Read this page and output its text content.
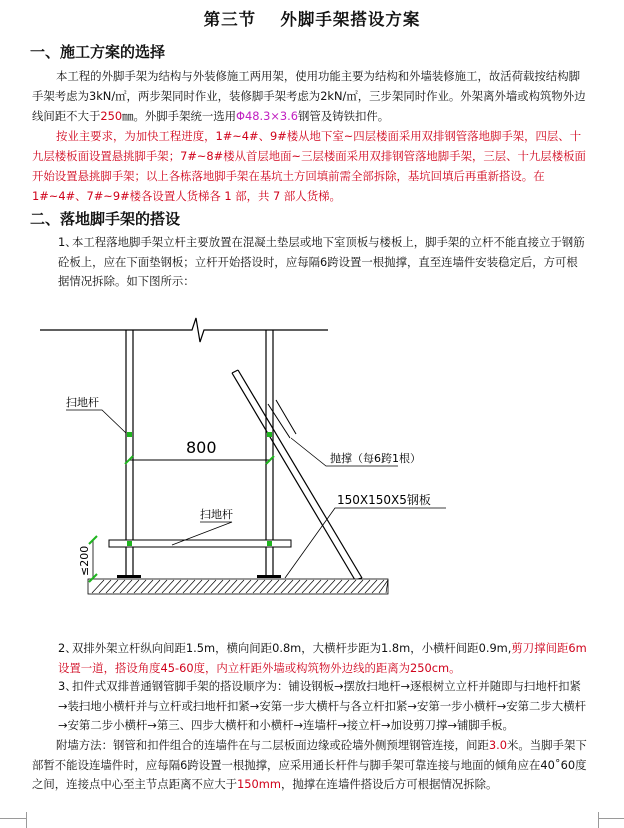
第三节　 外脚手架搭设方案
一、施工方案的选择

本工程的外脚手架为结构与外装修施工两用架，使用功能主要为结构和外墙装修施工，故活荷载按结构脚手架考虑为3kN/㎡，两步架同时作业，装修脚手架考虑为2kN/㎡，三步架同时作业。外架离外墙或构筑物外边线间距不大于250㎜。外脚手架统一选用Φ48.3×3.6钢管及铸铁扣件。

按业主要求，为加快工程进度，1#~4#、9#楼从地下室~四层楼面采用双排钢管落地脚手架，四层、十九层楼板面设置悬挑脚手架；7#~8#楼从首层地面~三层楼面采用双排钢管落地脚手架，三层、十九层楼板面开始设置悬挑脚手架；以上各栋落地脚手架在基坑土方回填前需全部拆除，基坑回填后再重新搭设。在 1#~4#、7#~9#楼各设置人货梯各 1 部，共 7 部人货梯。

二、落地脚手架的搭设
1、
本工程落地脚手架立杆主要放置在混凝土垫层或地下室顶板与楼板上，脚手架的立杆不能直接立于钢筋砼板上，应在下面垫钢板；立杆开始搭设时，应每隔6跨设置一根抛撑，直至连墙件安装稳定后，方可根据情况拆除。如下图所示：
扫地杆
800
抛撑（每6跨1根）
150X150X5钢板
扫地杆
≤200
2、
双排外架立杆纵向间距1.5m，横向间距0.8m，大横杆步距为1.8m，小横杆间距0.9m,剪刀撑间距6m设置一道，搭设角度45-60度，内立杆距外墙或构筑物外边线的距离为250cm。
3、
扣件式双排普通钢管脚手架的搭设顺序为：铺设钢板→摆放扫地杆→逐根树立立杆并随即与扫地杆扣紧→装扫地小横杆并与立杆或扫地杆扣紧→安第一步大横杆与各立杆扣紧→安第一步小横杆→安第二步大横杆→安第二步小横杆→第三、四步大横杆和小横杆→连墙杆→接立杆→加设剪刀撑→铺脚手板。

附墙方法：钢管和扣件组合的连墙件在与二层板面边缘或砼墙外侧预埋钢管连接，间距3.0米。当脚手架下部暂不能设连墙件时，应每隔6跨设置一根抛撑，应采用通长杆件与脚手架可靠连接与地面的倾角应在40˚60度之间，连接点中心至主节点距离不应大于150mm，抛撑在连墙件搭设后方可根据情况拆除。
